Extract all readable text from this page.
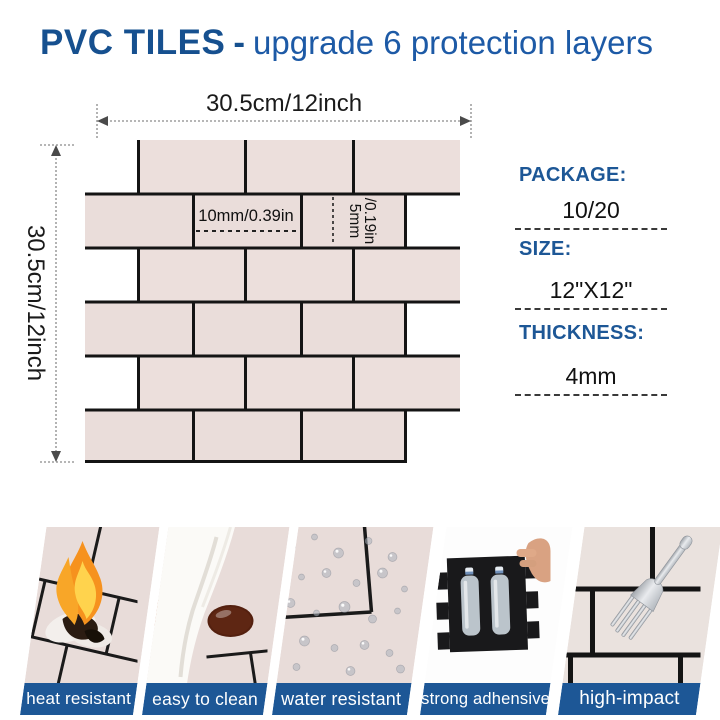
PVC TILES - upgrade 6 protection layers
30.5cm/12inch
30.5cm/12inch
10mm/0.39in	5mm
/0.19in
PACKAGE:
10/20
SIZE:
12"X12"
THICKNESS:
4mm
heat resistant easy to clean water resistant strong adhensive high-impact
